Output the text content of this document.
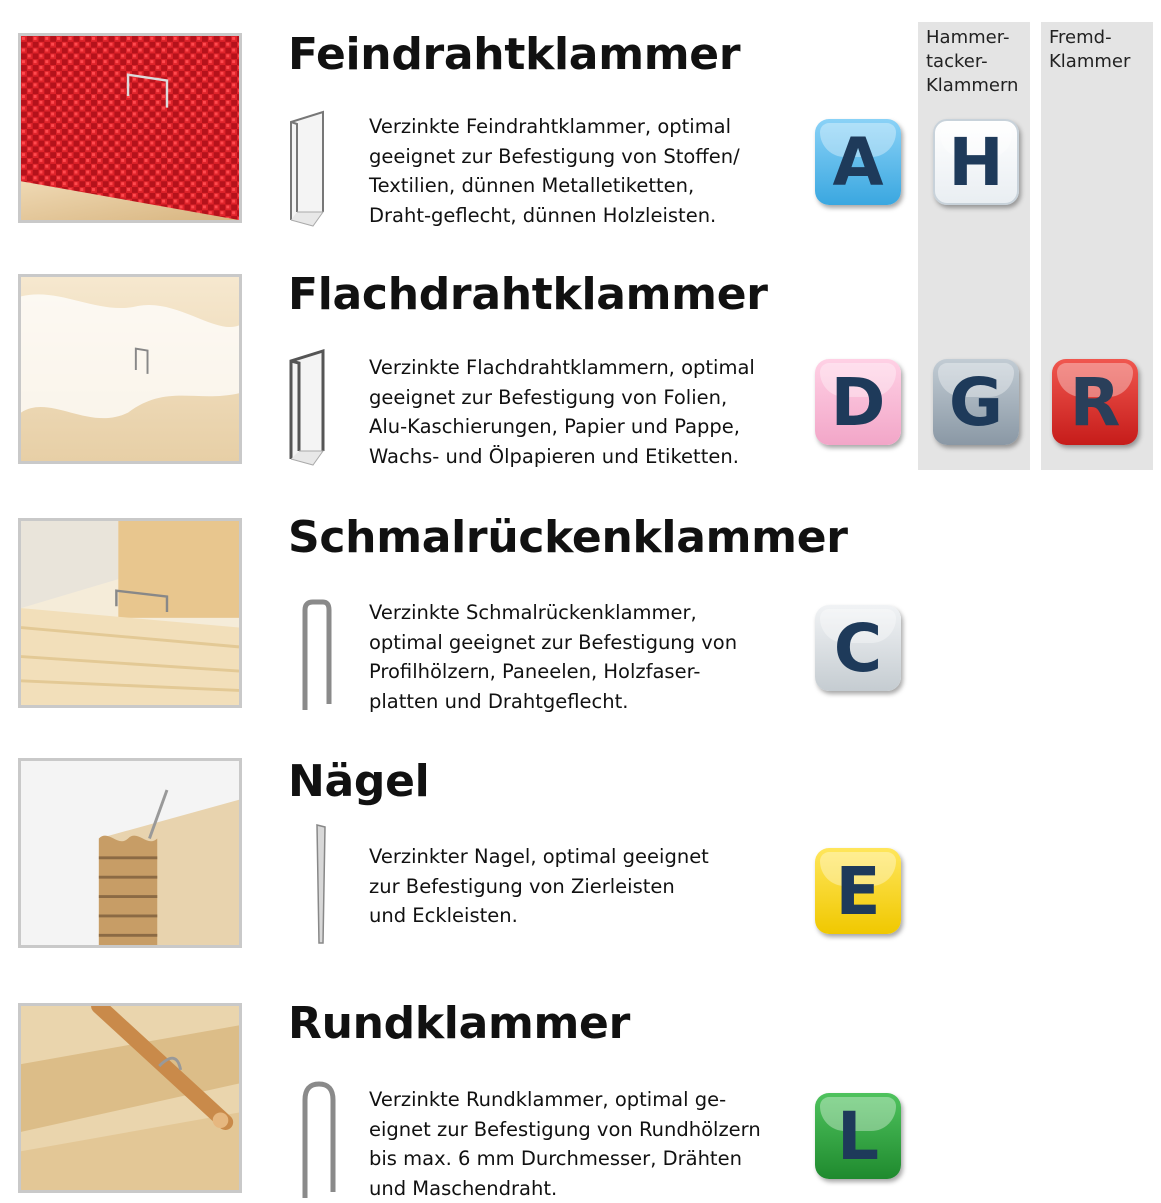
Hammer-
tacker-
Klammern
Fremd-
Klammer
Feindrahtklammer
Verzinkte Feindrahtklammer, optimal
geeignet zur Befestigung von Stoffen/
Textilien, dünnen Metalletiketten,
Draht-geflecht, dünnen Holzleisten.
A H
Flachdrahtklammer
Verzinkte Flachdrahtklammern, optimal
geeignet zur Befestigung von Folien,
Alu-Kaschierungen, Papier und Pappe,
Wachs- und Ölpapieren und Etiketten.
D G R
Schmalrückenklammer
Verzinkte Schmalrückenklammer,
optimal geeignet zur Befestigung von
Profilhölzern, Paneelen, Holzfaser-
platten und Drahtgeflecht.
C
Nägel
Verzinkter Nagel, optimal geeignet
zur Befestigung von Zierleisten
und Eckleisten.	E
Rundklammer
Verzinkte Rundklammer, optimal ge-
eignet zur Befestigung von Rundhölzern
bis max. 6 mm Durchmesser, Drähten
und Maschendraht.
L
